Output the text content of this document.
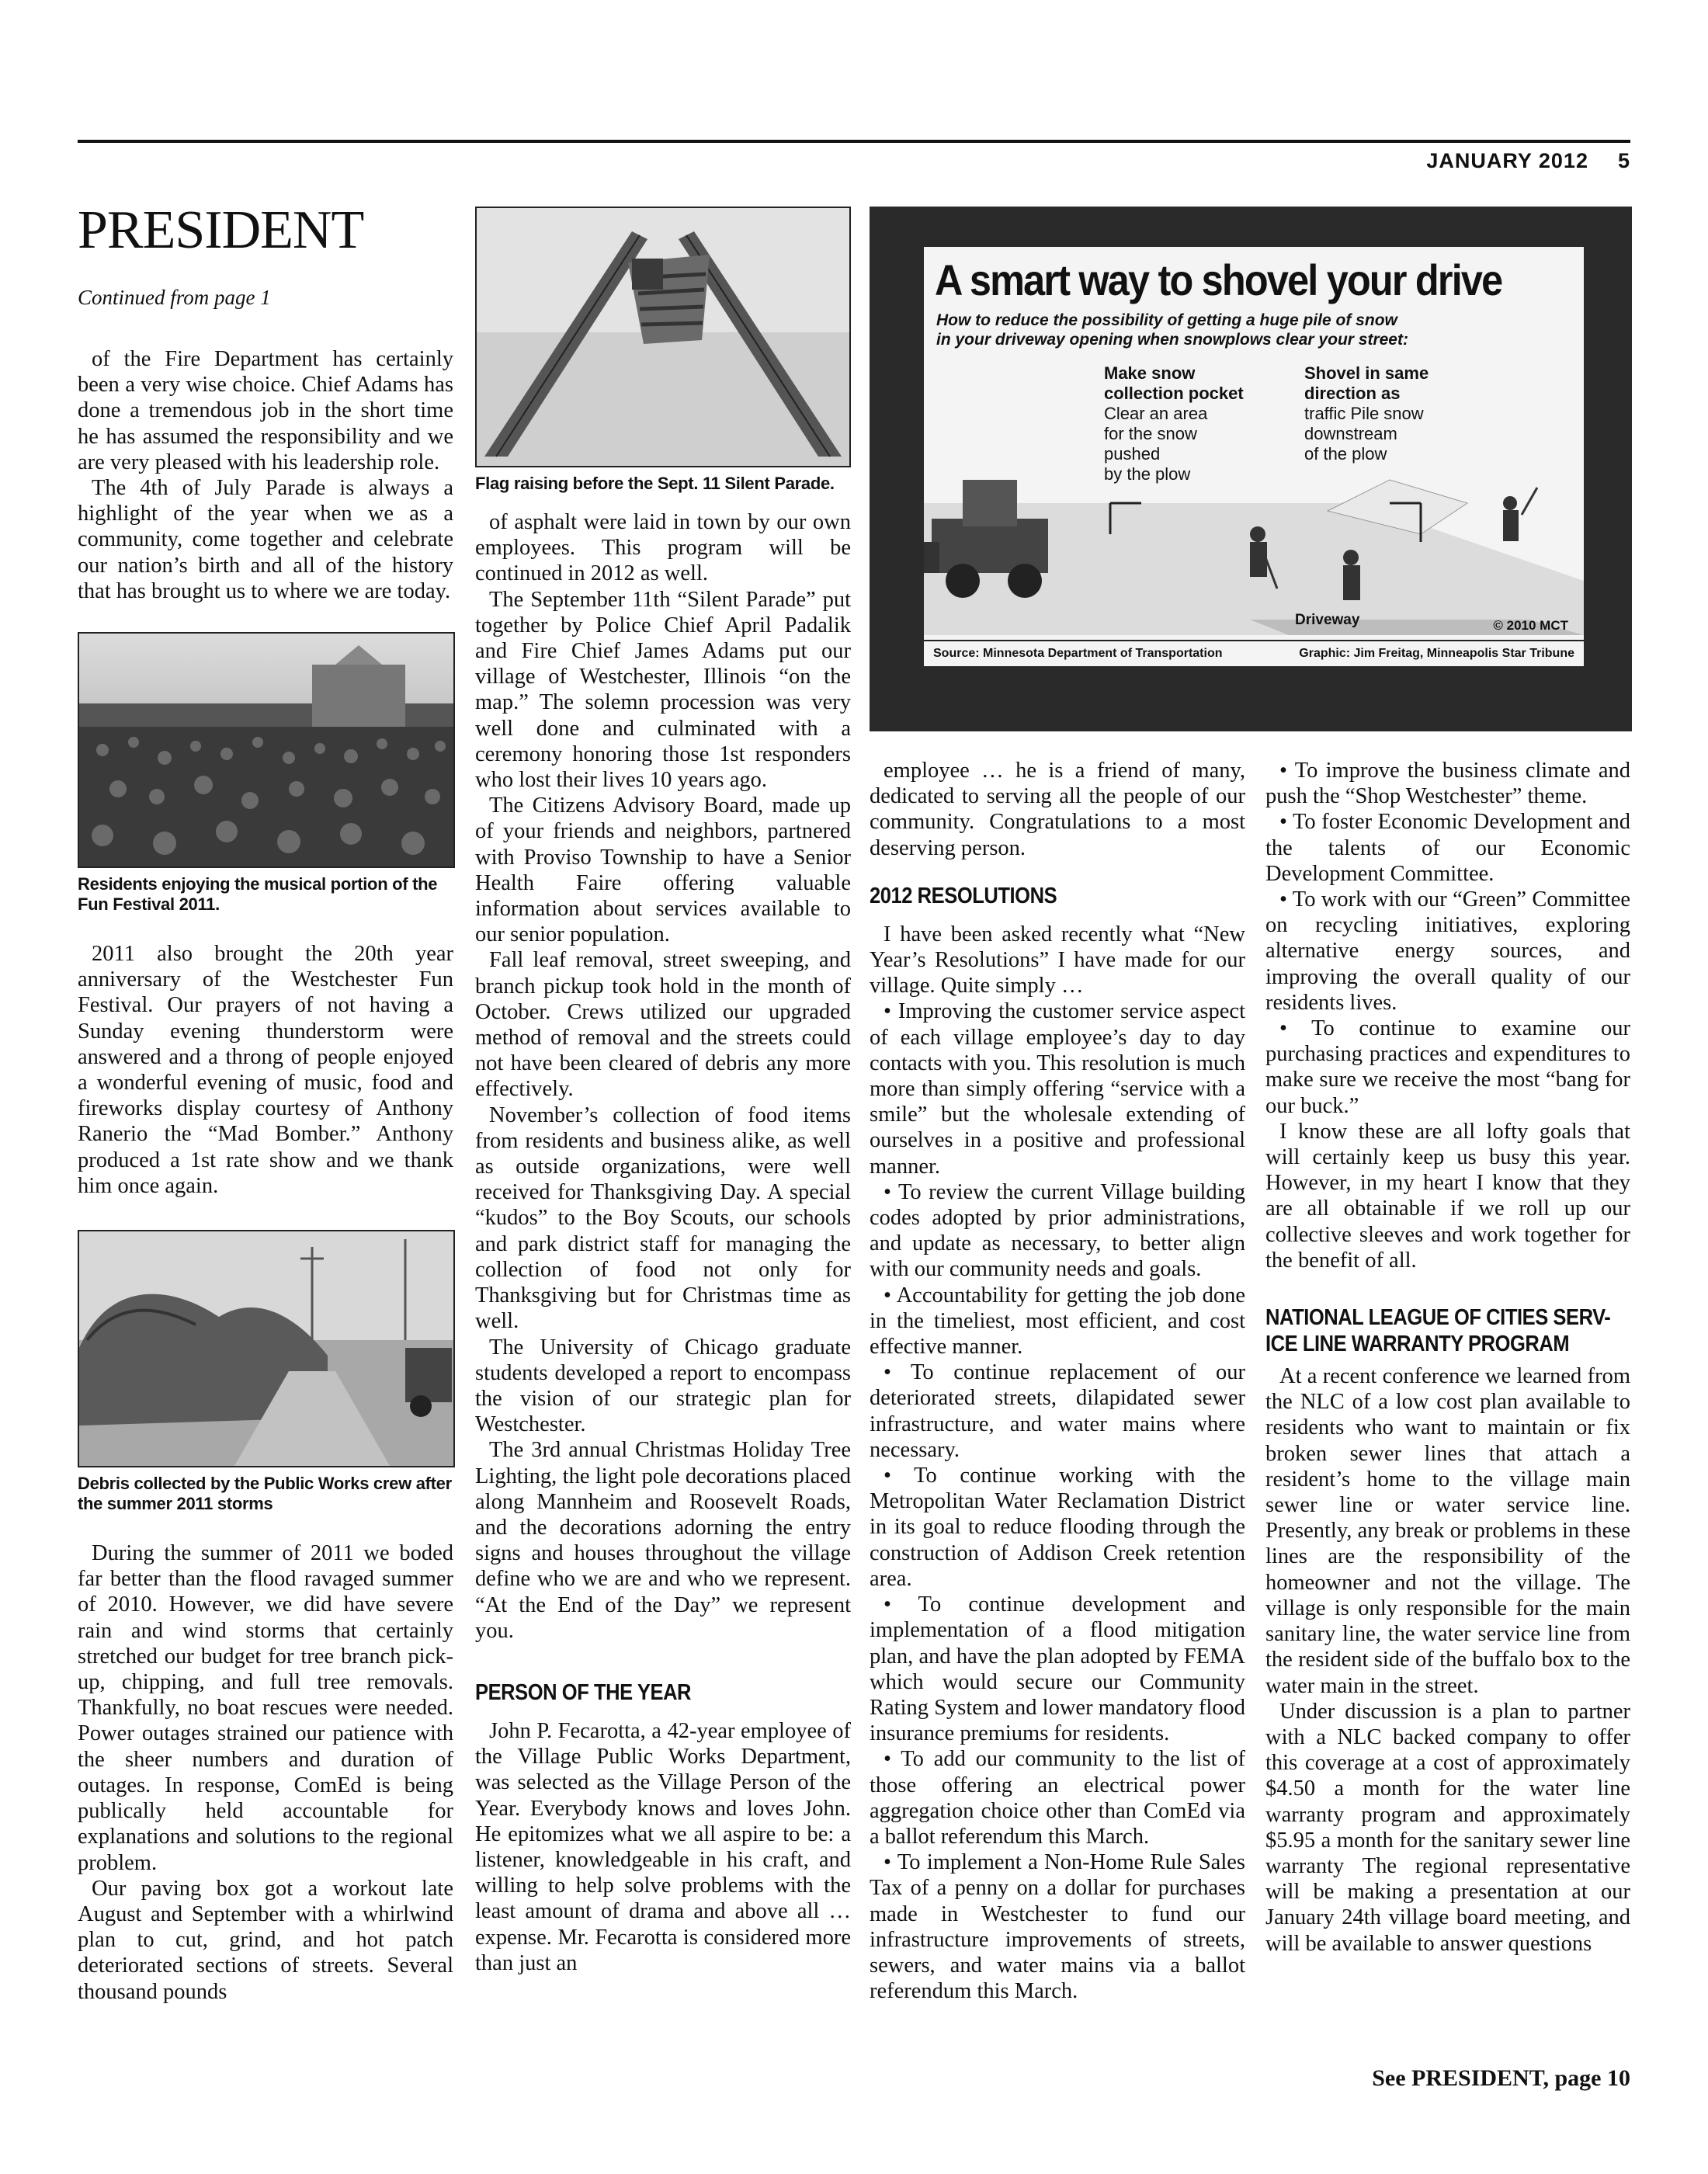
JANUARY 2012 5
PRESIDENT
Continued from page 1

of the Fire Department has certainly been a very wise choice. Chief Adams has done a tremendous job in the short time he has assumed the responsibility and we are very pleased with his leadership role.

The 4th of July Parade is always a highlight of the year when we as a community, come together and celebrate our nation’s birth and all of the history that has brought us to where we are today.

Residents enjoying the musical portion of the
Fun Festival 2011.

2011 also brought the 20th year anniversary of the Westchester Fun Festival. Our prayers of not having a Sunday evening thunderstorm were answered and a throng of people enjoyed a wonderful evening of music, food and fireworks display courtesy of Anthony Ranerio the “Mad Bomber.” Anthony produced a 1st rate show and we thank him once again.

Debris collected by the Public Works crew after
the summer 2011 storms

During the summer of 2011 we boded far better than the flood ravaged summer of 2010. However, we did have severe rain and wind storms that certainly stretched our budget for tree branch pick-up, chipping, and full tree removals. Thankfully, no boat rescues were needed. Power outages strained our patience with the sheer numbers and duration of outages. In response, ComEd is being publically held accountable for explanations and solutions to the regional problem.

Our paving box got a workout late August and September with a whirlwind plan to cut, grind, and hot patch deteriorated sections of streets. Several thousand pounds

Flag raising before the Sept. 11 Silent Parade.

of asphalt were laid in town by our own employees. This program will be continued in 2012 as well.

The September 11th “Silent Parade” put together by Police Chief April Padalik and Fire Chief James Adams put our village of Westchester, Illinois “on the map.” The solemn procession was very well done and culminated with a ceremony honoring those 1st responders who lost their lives 10 years ago.

The Citizens Advisory Board, made up of your friends and neighbors, partnered with Proviso Township to have a Senior Health Faire offering valuable information about services available to our senior population.

Fall leaf removal, street sweeping, and branch pickup took hold in the month of October. Crews utilized our upgraded method of removal and the streets could not have been cleared of debris any more effectively.

November’s collection of food items from residents and business alike, as well as outside organizations, were well received for Thanksgiving Day. A special “kudos” to the Boy Scouts, our schools and park district staff for managing the collection of food not only for Thanksgiving but for Christmas time as well.

The University of Chicago graduate students developed a report to encompass the vision of our strategic plan for Westchester.

The 3rd annual Christmas Holiday Tree Lighting, the light pole decorations placed along Mannheim and Roosevelt Roads, and the decorations adorning the entry signs and houses throughout the village define who we are and who we represent. “At the End of the Day” we represent you.

PERSON OF THE YEAR

John P. Fecarotta, a 42-year employee of the Village Public Works Department, was selected as the Village Person of the Year. Everybody knows and loves John. He epitomizes what we all aspire to be: a listener, knowledgeable in his craft, and willing to help solve problems with the least amount of drama and above all … expense. Mr. Fecarotta is considered more than just an

A smart way to shovel your drive
How to reduce the possibility of getting a huge pile of snow
in your driveway opening when snowplows clear your street:
Make snow
collection pocket
Clear an area
for the snow
pushed
by the plow
Shovel in same
direction as
traffic Pile snow
downstream
of the plow
Driveway	© 2010 MCT
Source: Minnesota Department of Transportation	Graphic: Jim Freitag, Minneapolis Star Tribune

employee … he is a friend of many, dedicated to serving all the people of our community. Congratulations to a most deserving person.

2012 RESOLUTIONS

I have been asked recently what “New Year’s Resolutions” I have made for our village. Quite simply …

• Improving the customer service aspect of each village employee’s day to day contacts with you. This resolution is much more than simply offering “service with a smile” but the wholesale extending of ourselves in a positive and professional manner.

• To review the current Village building codes adopted by prior administrations, and update as necessary, to better align with our community needs and goals.

• Accountability for getting the job done in the timeliest, most efficient, and cost effective manner.

• To continue replacement of our deteriorated streets, dilapidated sewer infrastructure, and water mains where necessary.

• To continue working with the Metropolitan Water Reclamation District in its goal to reduce flooding through the construction of Addison Creek retention area.

• To continue development and implementation of a flood mitigation plan, and have the plan adopted by FEMA which would secure our Community Rating System and lower mandatory flood insurance premiums for residents.

• To add our community to the list of those offering an electrical power aggregation choice other than ComEd via a ballot referendum this March.

• To implement a Non-Home Rule Sales Tax of a penny on a dollar for purchases made in Westchester to fund our infrastructure improvements of streets, sewers, and water mains via a ballot referendum this March.

• To improve the business climate and push the “Shop Westchester” theme.

• To foster Economic Development and the talents of our Economic Development Committee.

• To work with our “Green” Committee on recycling initiatives, exploring alternative energy sources, and improving the overall quality of our residents lives.

• To continue to examine our purchasing practices and expenditures to make sure we receive the most “bang for our buck.”

I know these are all lofty goals that will certainly keep us busy this year. However, in my heart I know that they are all obtainable if we roll up our collective sleeves and work together for the benefit of all.

NATIONAL LEAGUE OF CITIES SERV-
ICE LINE WARRANTY PROGRAM

At a recent conference we learned from the NLC of a low cost plan available to residents who want to maintain or fix broken sewer lines that attach a resident’s home to the village main sewer line or water service line. Presently, any break or problems in these lines are the responsibility of the homeowner and not the village. The village is only responsible for the main sanitary line, the water service line from the resident side of the buffalo box to the water main in the street.

Under discussion is a plan to partner with a NLC backed company to offer this coverage at a cost of approximately $4.50 a month for the water line warranty program and approximately $5.95 a month for the sanitary sewer line warranty The regional representative will be making a presentation at our January 24th village board meeting, and will be available to answer questions

See PRESIDENT, page 10
